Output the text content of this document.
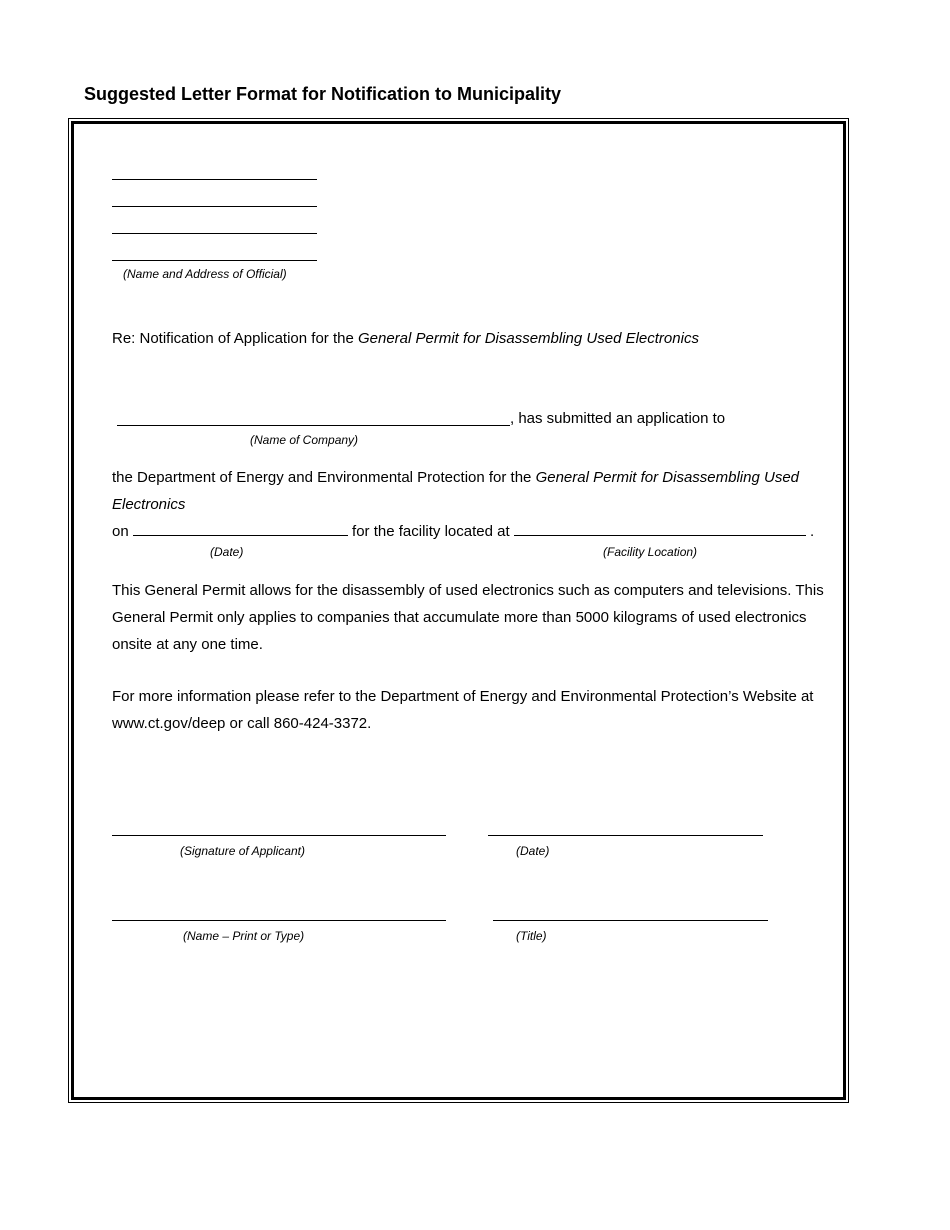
Suggested Letter Format for Notification to Municipality
(Name and Address of Official)
Re: Notification of Application for the General Permit for Disassembling Used Electronics
, has submitted an application to
(Name of Company)
the Department of Energy and Environmental Protection for the General Permit for Disassembling Used Electronics
on	for the facility located at	.
(Date)	(Facility Location)
This General Permit allows for the disassembly of used electronics such as computers and televisions. This General Permit only applies to companies that accumulate more than 5000 kilograms of used electronics onsite at any one time.
For more information please refer to the Department of Energy and Environmental Protection’s Website at www.ct.gov/deep or call 860-424-3372.
(Signature of Applicant)	(Date)
(Name – Print or Type)	(Title)
